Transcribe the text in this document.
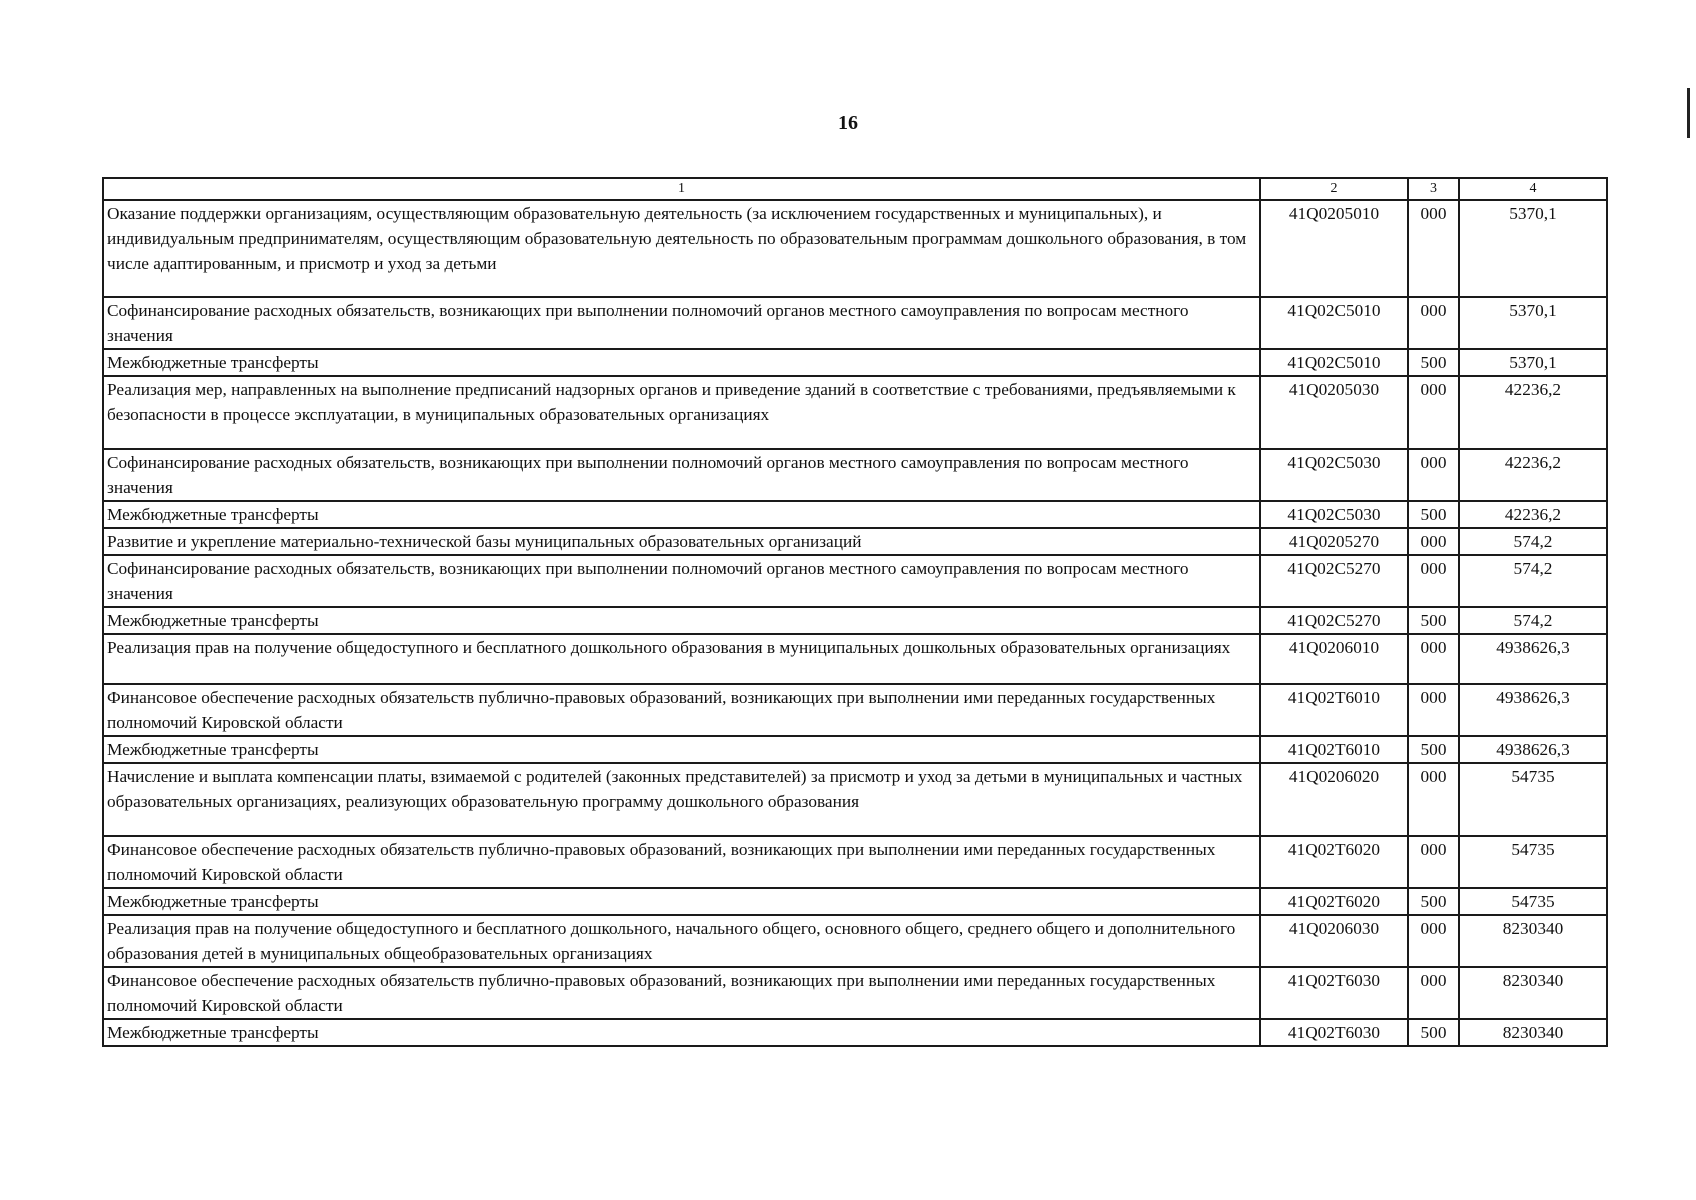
16
1	2	3	4
Оказание поддержки организациям, осуществляющим образовательную деятельность (за исключением государственных и муниципальных), и индивидуальным предпринимателям, осуществляющим образовательную деятельность по образовательным программам дошкольного образования, в том числе адаптированным, и присмотр и уход за детьми	41Q0205010	000	5370,1
Софинансирование расходных обязательств, возникающих при выполнении полномочий органов местного самоуправления по вопросам местного значения	41Q02C5010	000	5370,1
Межбюджетные трансферты	41Q02C5010	500	5370,1
Реализация мер, направленных на выполнение предписаний надзорных органов и приведение зданий в соответствие с требованиями, предъявляемыми к безопасности в процессе эксплуатации, в муниципальных образовательных организациях	41Q0205030	000	42236,2
Софинансирование расходных обязательств, возникающих при выполнении полномочий органов местного самоуправления по вопросам местного значения	41Q02C5030	000	42236,2
Межбюджетные трансферты	41Q02C5030	500	42236,2
Развитие и укрепление материально-технической базы муниципальных образовательных организаций	41Q0205270	000	574,2
Софинансирование расходных обязательств, возникающих при выполнении полномочий органов местного самоуправления по вопросам местного значения	41Q02C5270	000	574,2
Межбюджетные трансферты	41Q02C5270	500	574,2
Реализация прав на получение общедоступного и бесплатного дошкольного образования в муниципальных дошкольных образовательных организациях	41Q0206010	000	4938626,3
Финансовое обеспечение расходных обязательств публично-правовых образований, возникающих при выполнении ими переданных государственных полномочий Кировской области	41Q02T6010	000	4938626,3
Межбюджетные трансферты	41Q02T6010	500	4938626,3
Начисление и выплата компенсации платы, взимаемой с родителей (законных представителей) за присмотр и уход за детьми в муниципальных и частных образовательных организациях, реализующих образовательную программу дошкольного образования	41Q0206020	000	54735
Финансовое обеспечение расходных обязательств публично-правовых образований, возникающих при выполнении ими переданных государственных полномочий Кировской области	41Q02T6020	000	54735
Межбюджетные трансферты	41Q02T6020	500	54735
Реализация прав на получение общедоступного и бесплатного дошкольного, начального общего, основного общего, среднего общего и дополнительного образования детей в муниципальных общеобразовательных организациях	41Q0206030	000	8230340
Финансовое обеспечение расходных обязательств публично-правовых образований, возникающих при выполнении ими переданных государственных полномочий Кировской области	41Q02T6030	000	8230340
Межбюджетные трансферты	41Q02T6030	500	8230340
